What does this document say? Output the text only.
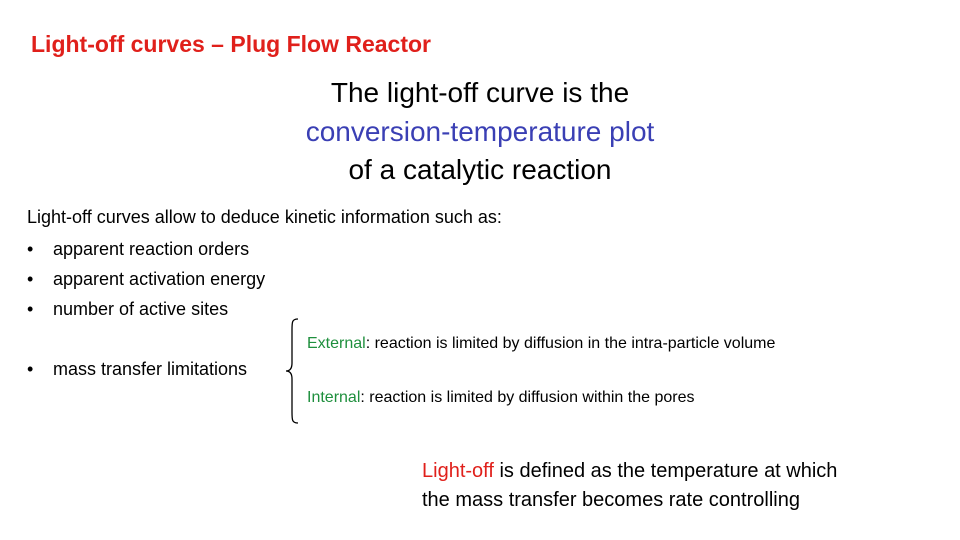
Light-off curves – Plug Flow Reactor
The light-off curve is the
conversion-temperature plot
of a catalytic reaction
Light-off curves allow to deduce kinetic information such as:
•	apparent reaction orders
•	apparent activation energy
•	number of active sites
•	mass transfer limitations
External: reaction is limited by diffusion in the intra-particle volume
Internal: reaction is limited by diffusion within the pores
Light-off is defined as the temperature at which
the mass transfer becomes rate controlling
